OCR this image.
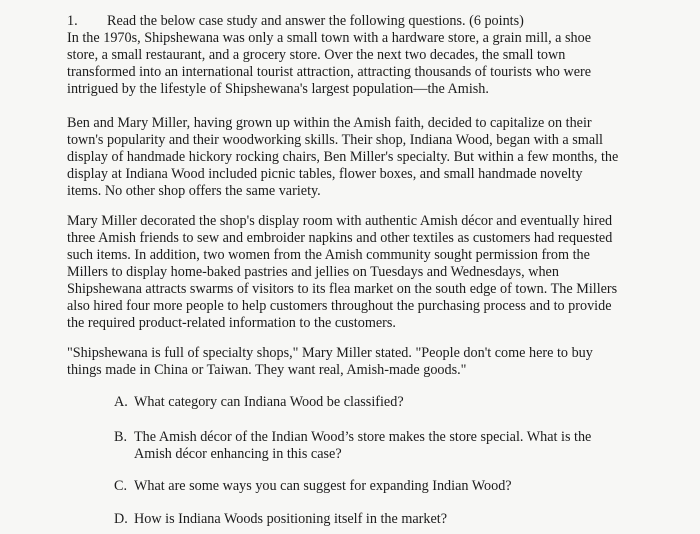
1. Read the below case study and answer the following questions. (6 points)

In the 1970s, Shipshewana was only a small town with a hardware store, a grain mill, a shoe
store, a small restaurant, and a grocery store. Over the next two decades, the small town
transformed into an international tourist attraction, attracting thousands of tourists who were
intrigued by the lifestyle of Shipshewana's largest population—the Amish.

Ben and Mary Miller, having grown up within the Amish faith, decided to capitalize on their
town's popularity and their woodworking skills. Their shop, Indiana Wood, began with a small
display of handmade hickory rocking chairs, Ben Miller's specialty. But within a few months, the
display at Indiana Wood included picnic tables, flower boxes, and small handmade novelty
items. No other shop offers the same variety.

Mary Miller decorated the shop's display room with authentic Amish décor and eventually hired
three Amish friends to sew and embroider napkins and other textiles as customers had requested
such items. In addition, two women from the Amish community sought permission from the
Millers to display home-baked pastries and jellies on Tuesdays and Wednesdays, when
Shipshewana attracts swarms of visitors to its flea market on the south edge of town. The Millers
also hired four more people to help customers throughout the purchasing process and to provide
the required product-related information to the customers.

"Shipshewana is full of specialty shops," Mary Miller stated. "People don't come here to buy
things made in China or Taiwan. They want real, Amish-made goods."

A. What category can Indiana Wood be classified?
B. The Amish décor of the Indian Wood’s store makes the store special. What is the
Amish décor enhancing in this case?
C. What are some ways you can suggest for expanding Indian Wood?
D. How is Indiana Woods positioning itself in the market?
